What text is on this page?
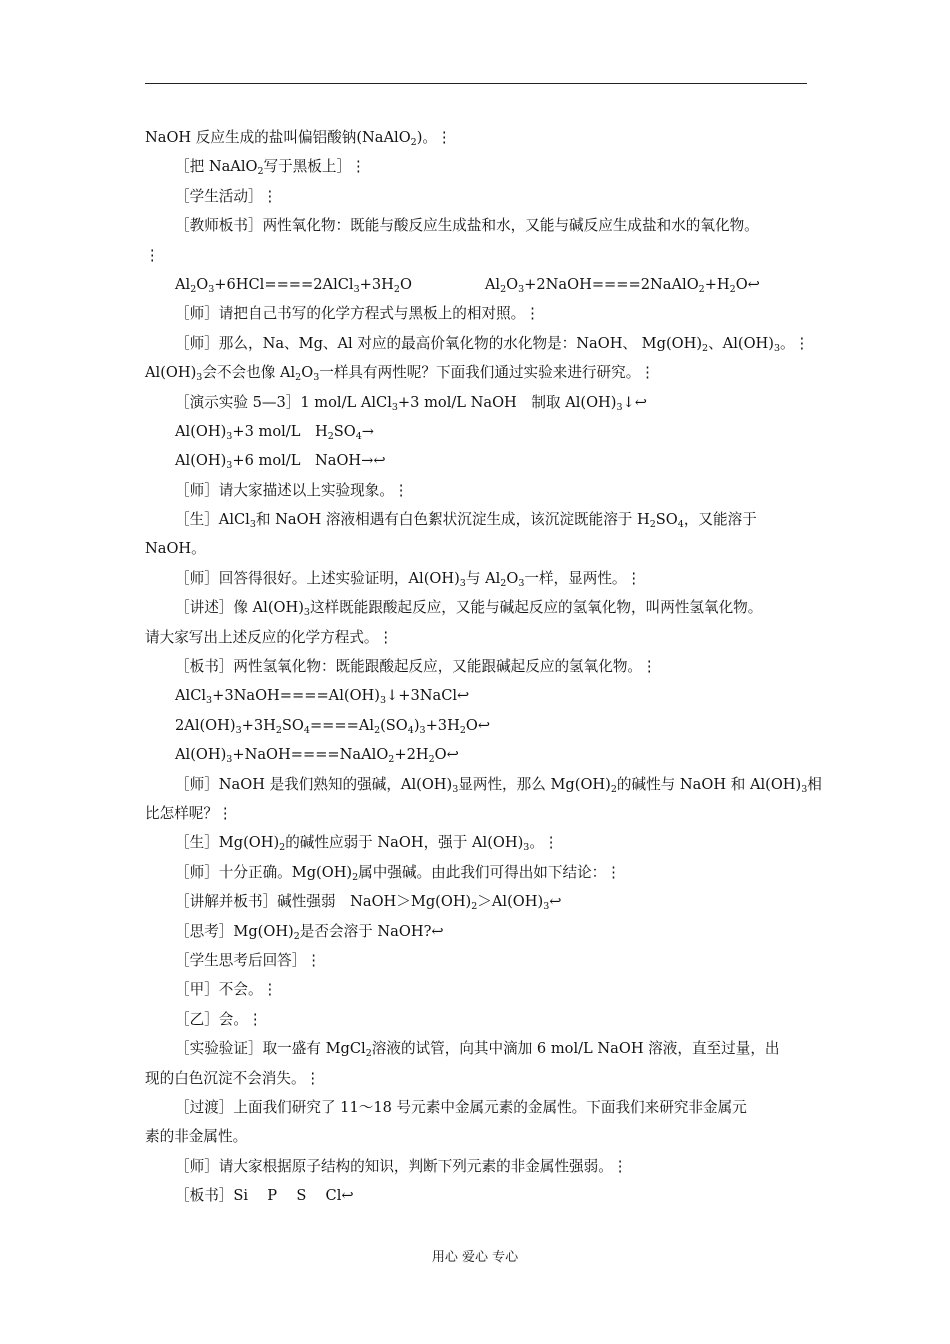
NaOH 反应生成的盐叫偏铝酸钠(NaAlO$_2$)。⋮
［把 NaAlO$_2$写于黑板上］⋮
［学生活动］⋮
［教师板书］两性氧化物：既能与酸反应生成盐和水，又能与碱反应生成盐和水的氧化物。
⋮
$Al_2O_3+6HCl====2AlCl_3+3H_2O$　　　　　$Al_2O_3+2NaOH====2NaAlO_2+H_2O↩$
［师］请把自己书写的化学方程式与黑板上的相对照。⋮
［师］那么，Na、Mg、Al 对应的最高价氧化物的水化物是：NaOH、 $Mg(OH)_2$、$Al(OH)_3$。⋮
$Al(OH)_3$会不会也像 $Al_2O_3$一样具有两性呢？下面我们通过实验来进行研究。⋮
［演示实验 5—3］1 mol/L AlCl$_3$+3 mol/L NaOH　制取 $Al(OH)_3↓↩$
$Al(OH)_3+3$ mol/L　$H_2SO_4\to$
$Al(OH)_3+6$ mol/L　NaOH→↩
［师］请大家描述以上实验现象。⋮
［生］AlCl$_3$和 NaOH 溶液相遇有白色絮状沉淀生成，该沉淀既能溶于 $H_2SO_4$，又能溶于
NaOH。
［师］回答得很好。上述实验证明，$Al(OH)_3$与 $Al_2O_3$一样，显两性。⋮
［讲述］像 $Al(OH)_3$这样既能跟酸起反应，又能与碱起反应的氢氧化物，叫两性氢氧化物。
请大家写出上述反应的化学方程式。⋮
［板书］两性氢氧化物：既能跟酸起反应，又能跟碱起反应的氢氧化物。⋮
$AlCl_3+3NaOH====Al(OH)_3↓+3NaCl↩$
$2Al(OH)_3+3H_2SO_4====Al_2(SO_4)_3+3H_2O↩$
$Al(OH)_3+NaOH====NaAlO_2+2H_2O↩$
［师］NaOH 是我们熟知的强碱，$Al(OH)_3$显两性，那么 $Mg(OH)_2$的碱性与 NaOH 和 $Al(OH)_3$相
比怎样呢？⋮
［生$]Mg(OH)_2$的碱性应弱于 NaOH，强于 $Al(OH)_3$。⋮
［师］十分正确。$Mg(OH)_2$属中强碱。由此我们可得出如下结论：⋮
［讲解并板书］碱性强弱　$NaOH>Mg(OH)_2>Al(OH)_3↩$
［思考$]Mg(OH)_2$是否会溶于 NaOH?↩
［学生思考后回答］⋮
［甲］不会。⋮
［乙］会。⋮
［实验验证］取一盛有 MgCl$_2$溶液的试管，向其中滴加 6 mol/L NaOH 溶液，直至过量，出
现的白色沉淀不会消失。⋮
［过渡］上面我们研究了 11～18 号元素中金属元素的金属性。下面我们来研究非金属元
素的非金属性。
［师］请大家根据原子结构的知识，判断下列元素的非金属性强弱。⋮
［板书］Si　 P　 S　 Cl↩
用心 爱心 专心
